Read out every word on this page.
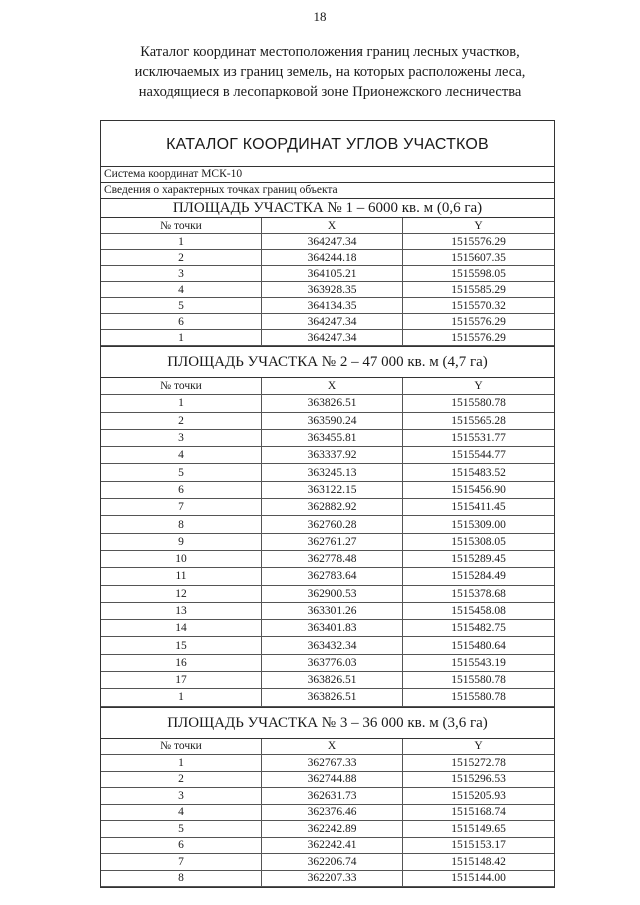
18
Каталог координат местоположения границ лесных участков,
исключаемых из границ земель, на которых расположены леса,
находящиеся в лесопарковой зоне Прионежского лесничества
КАТАЛОГ КООРДИНАТ УГЛОВ УЧАСТКОВ
Система координат МСК-10
Сведения о характерных точках границ объекта
ПЛОЩАДЬ УЧАСТКА № 1 – 6000 кв. м (0,6 га)
№ точки	X	Y
1	364247.34	1515576.29
2	364244.18	1515607.35
3	364105.21	1515598.05
4	363928.35	1515585.29
5	364134.35	1515570.32
6	364247.34	1515576.29
1	364247.34	1515576.29
ПЛОЩАДЬ УЧАСТКА № 2 – 47 000 кв. м (4,7 га)
№ точки	X	Y
1	363826.51	1515580.78
2	363590.24	1515565.28
3	363455.81	1515531.77
4	363337.92	1515544.77
5	363245.13	1515483.52
6	363122.15	1515456.90
7	362882.92	1515411.45
8	362760.28	1515309.00
9	362761.27	1515308.05
10	362778.48	1515289.45
11	362783.64	1515284.49
12	362900.53	1515378.68
13	363301.26	1515458.08
14	363401.83	1515482.75
15	363432.34	1515480.64
16	363776.03	1515543.19
17	363826.51	1515580.78
1	363826.51	1515580.78
ПЛОЩАДЬ УЧАСТКА № 3 – 36 000 кв. м (3,6 га)
№ точки	X	Y
1	362767.33	1515272.78
2	362744.88	1515296.53
3	362631.73	1515205.93
4	362376.46	1515168.74
5	362242.89	1515149.65
6	362242.41	1515153.17
7	362206.74	1515148.42
8	362207.33	1515144.00
